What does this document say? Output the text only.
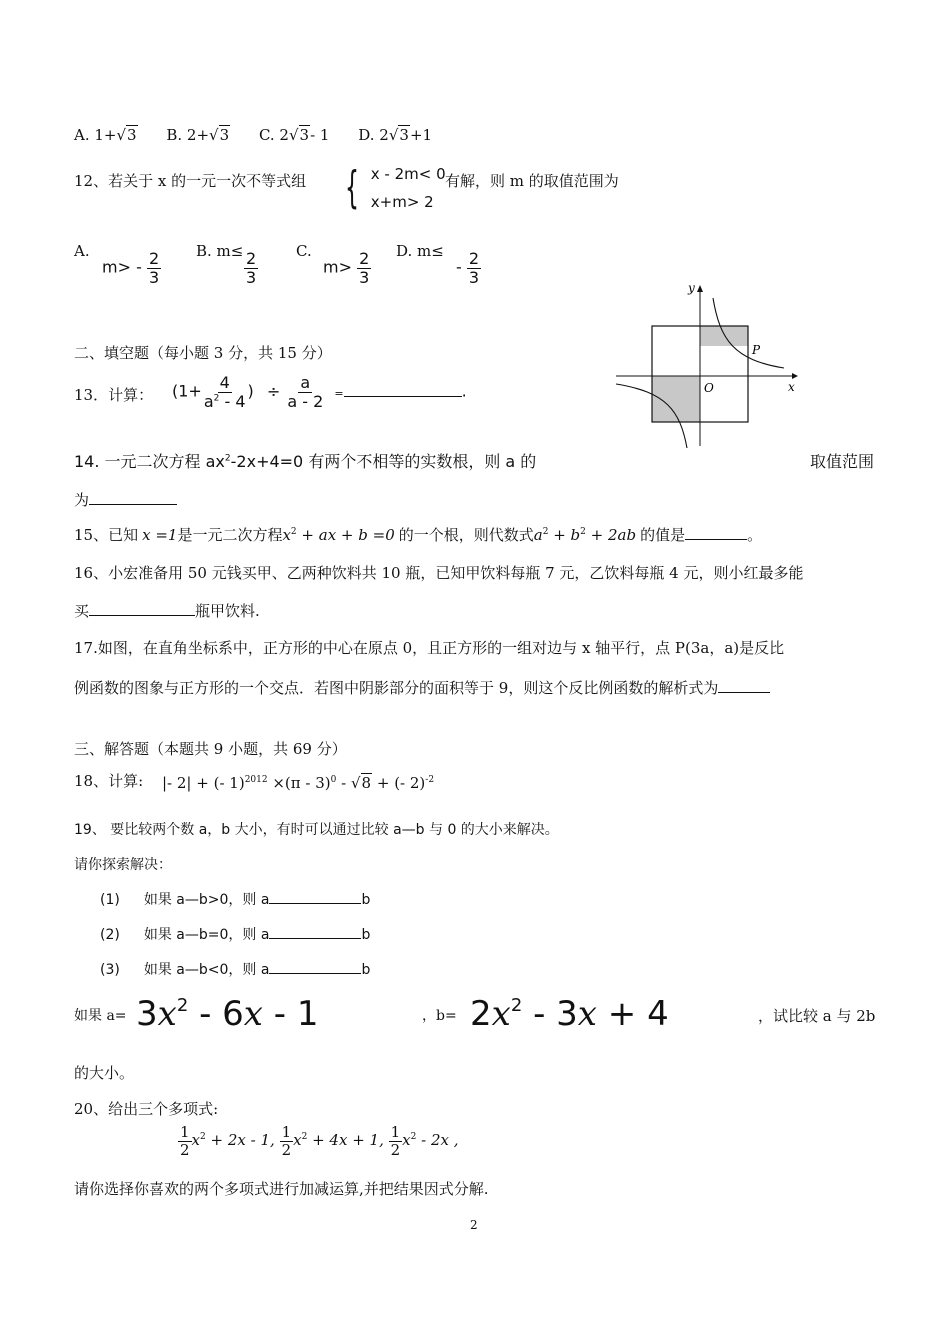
A. 1+√3 B. 2+√3 C. 2√3- 1 D. 2√3+1
12、若关于 x 的一元一次不等式组 { x - 2m< 0
x+m> 2
有解，则 m 的取值范围为
A.
$m> - \frac{2}{3} B$. $m\le \frac{2}{3}$	C.
$m> \frac{2}{3} D$. m≤
- $\frac{2}{3}$
y
x
O
P
二、填空题（每小题 3 分，共 15 分）
13．计算： ($1+ \frac{4}{a^2 - 4}$ ) ÷ $\frac{a}{a - 2}$ =	.
14. 一元二次方程 $ax^2-2x+4=0$ 有两个不相等的实数根，则 a 的	取值范围
为
15、已知 x =1是一元二次方程$x^2$ + ax + b =0 的一个根，则代数式$a^2 + b^2 + 2ab$ 的值是	。
16、小宏准备用 50 元钱买甲、乙两种饮料共 10 瓶，已知甲饮料每瓶 7 元，乙饮料每瓶 4 元，则小红最多能
买	瓶甲饮料.
17.如图，在直角坐标系中，正方形的中心在原点 0，且正方形的一组对边与 x 轴平行，点 P(3a，a)是反比
例函数的图象与正方形的一个交点．若图中阴影部分的面积等于 9，则这个反比例函数的解析式为
三、解答题（本题共 9 小题，共 69 分）
18、计算: |- 2| + (- 1)$^{2012}$ ×(π - 3)$^0$ - √8 + (- 2)$^{-2}$
19、 要比较两个数 a，b 大小，有时可以通过比较 a—b 与 0 的大小来解决。
请你探索解决：
(1) 如果 a—b>0，则 a	b
(2) 如果 a—b=0，则 a	b
(3) 如果 a—b<0，则 a	b
如果 $a= 3x^2 - 6x - 1$	，$b= 2x^2 - 3x + 4$	，试比较 a 与 2b
的大小。
20、给出三个多项式:
$\frac{1}{2} x^2 + 2x - 1$, $\frac{1}{2} x^2 + 4x + 1$, $\frac{1}{2} x^2 - 2x$ ,
请你选择你喜欢的两个多项式进行加减运算,并把结果因式分解.
2
